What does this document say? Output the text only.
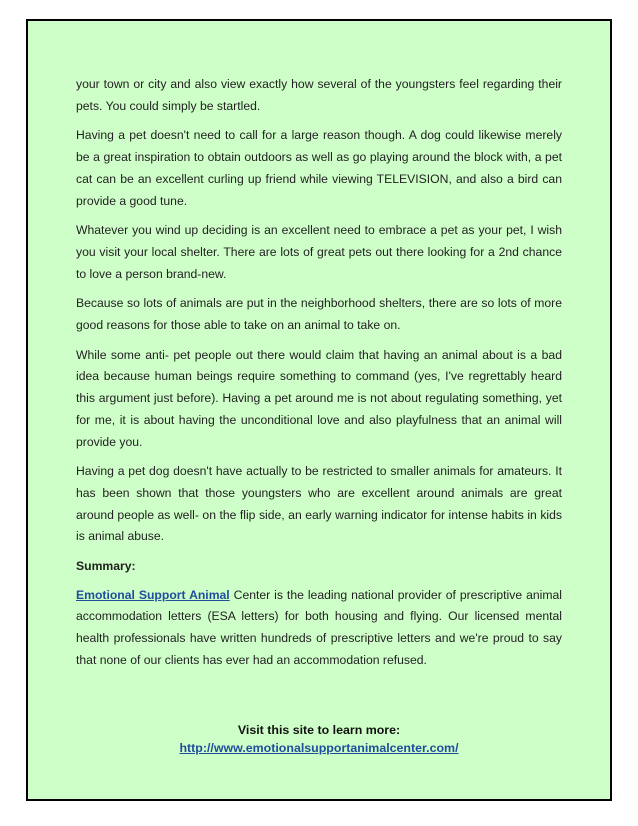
your town or city and also view exactly how several of the youngsters feel regarding their pets. You could simply be startled.

Having a pet doesn't need to call for a large reason though. A dog could likewise merely be a great inspiration to obtain outdoors as well as go playing around the block with, a pet cat can be an excellent curling up friend while viewing TELEVISION, and also a bird can provide a good tune.

Whatever you wind up deciding is an excellent need to embrace a pet as your pet, I wish you visit your local shelter. There are lots of great pets out there looking for a 2nd chance to love a person brand-new.

Because so lots of animals are put in the neighborhood shelters, there are so lots of more good reasons for those able to take on an animal to take on.

While some anti- pet people out there would claim that having an animal about is a bad idea because human beings require something to command (yes, I've regrettably heard this argument just before). Having a pet around me is not about regulating something, yet for me, it is about having the unconditional love and also playfulness that an animal will provide you.

Having a pet dog doesn't have actually to be restricted to smaller animals for amateurs. It has been shown that those youngsters who are excellent around animals are great around people as well- on the flip side, an early warning indicator for intense habits in kids is animal abuse.

Summary:

Emotional Support Animal Center is the leading national provider of prescriptive animal accommodation letters (ESA letters) for both housing and flying. Our licensed mental health professionals have written hundreds of prescriptive letters and we're proud to say that none of our clients has ever had an accommodation refused.

Visit this site to learn more:
http://www.emotionalsupportanimalcenter.com/
